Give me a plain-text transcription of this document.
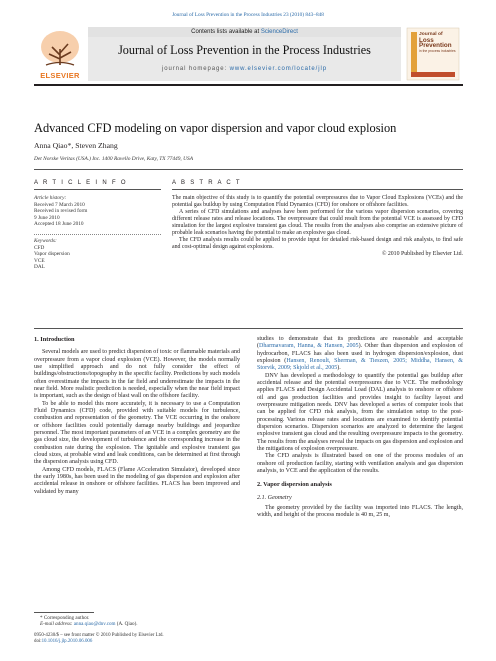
Journal of Loss Prevention in the Process Industries 23 (2010) 843–848
ELSEVIER
Contents lists available at ScienceDirect
Journal of Loss Prevention in the Process Industries
journal homepage: www.elsevier.com/locate/jlp
Journal of
Loss
Prevention
in the process industries
Advanced CFD modeling on vapor dispersion and vapor cloud explosion
Anna Qiao*, Steven Zhang
Det Norske Veritas (USA.) Inc. 1400 Ravello Drive, Katy, TX 77449, USA
A R T I C L E I N F O
Article history:
Received 7 March 2010
Received in revised form
9 June 2010
Accepted 18 June 2010
Keywords:
CFD
Vapor dispersion
VCE
DAL
A B S T R A C T

The main objective of this study is to quantify the potential overpressures due to Vapor Cloud Explosions (VCEs) and the potential gas buildup by using Computation Fluid Dynamics (CFD) for onshore or offshore facilities.

A series of CFD simulations and analyses have been performed for the various vapor dispersion scenarios, covering different release rates and release locations. The overpressure that could result from the potential VCE is assessed by CFD simulation for the largest explosive transient gas cloud. The results from the analyses also comprise an extensive picture of probable leak scenarios having the potential to make an explosive gas cloud.

The CFD analysis results could be applied to provide input for detailed risk-based design and risk analysis, to find safe and cost-optimal design against explosions.

© 2010 Published by Elsevier Ltd.

1. Introduction

Several models are used to predict dispersion of toxic or flammable materials and overpressure from a vapor cloud explosion (VCE). However, the models normally use simplified approach and do not fully consider the effect of buildings/obstructions/topography in the specific facility. Predictions by such models often overestimate the impacts in the far field and underestimate the impacts in the near field. More realistic prediction is needed, especially when the near field impact is important, such as the design of blast wall on the offshore facility.

To be able to model this more accurately, it is necessary to use a Computation Fluid Dynamics (CFD) code, provided with suitable models for turbulence, combustion and representation of the geometry. The VCE occurring in the onshore or offshore facilities could potentially damage nearby buildings and jeopardize personnel. The most important parameters of an VCE in a complex geometry are the gas cloud size, the development of turbulence and the corresponding increase in the combustion rate during the explosion. The ignitable and explosive transient gas cloud sizes, at probable wind and leak conditions, can be determined at first through the dispersion analysis using CFD.

Among CFD models, FLACS (Flame ACceleration Simulator), developed since the early 1980s, has been used in the modeling of gas dispersion and explosion after accidental release in onshore or offshore facilities. FLACS has been improved and validated by many

studies to demonstrate that its predictions are reasonable and acceptable (Dharmavaram, Hanna, & Hansen, 2005). Other than dispersion and explosion of hydrocarbon, FLACS has also been used in hydrogen dispersion/explosion, dust explosion (Hansen, Renoult, Sherman, & Tieszen, 2005; Middha, Hansen, & Storvik, 2009; Skjold et al., 2005).

DNV has developed a methodology to quantify the potential gas buildup after accidental release and the potential overpressures due to VCE. The methodology applies FLACS and Design Accidental Load (DAL) analysis to onshore or offshore oil and gas production facilities and provides insight to facility layout and overpressure mitigation needs. DNV has developed a series of computer tools that can be applied for CFD risk analysis, from the simulation setup to the post-processing. Various release rates and locations are examined to identify potential dispersion scenarios. Dispersion scenarios are analyzed to determine the largest explosive transient gas cloud and the resulting overpressure impacts to the geometry. The results from the analyses reveal the impacts on gas dispersion and explosion and the mitigations of explosion overpressure.

The CFD analysis is illustrated based on one of the process modules of an onshore oil production facility, starting with ventilation analysis and gas dispersion analysis, to VCE and the application of the results.

2. Vapor dispersion analysis

2.1. Geometry

The geometry provided by the facility was imported into FLACS. The length, width, and height of the process module is 40 m, 25 m,

* Corresponding author.
E-mail address: anna.qiao@dnv.com (A. Qiao).
0950-4230/$ – see front matter © 2010 Published by Elsevier Ltd.
doi:10.1016/j.jlp.2010.06.006
